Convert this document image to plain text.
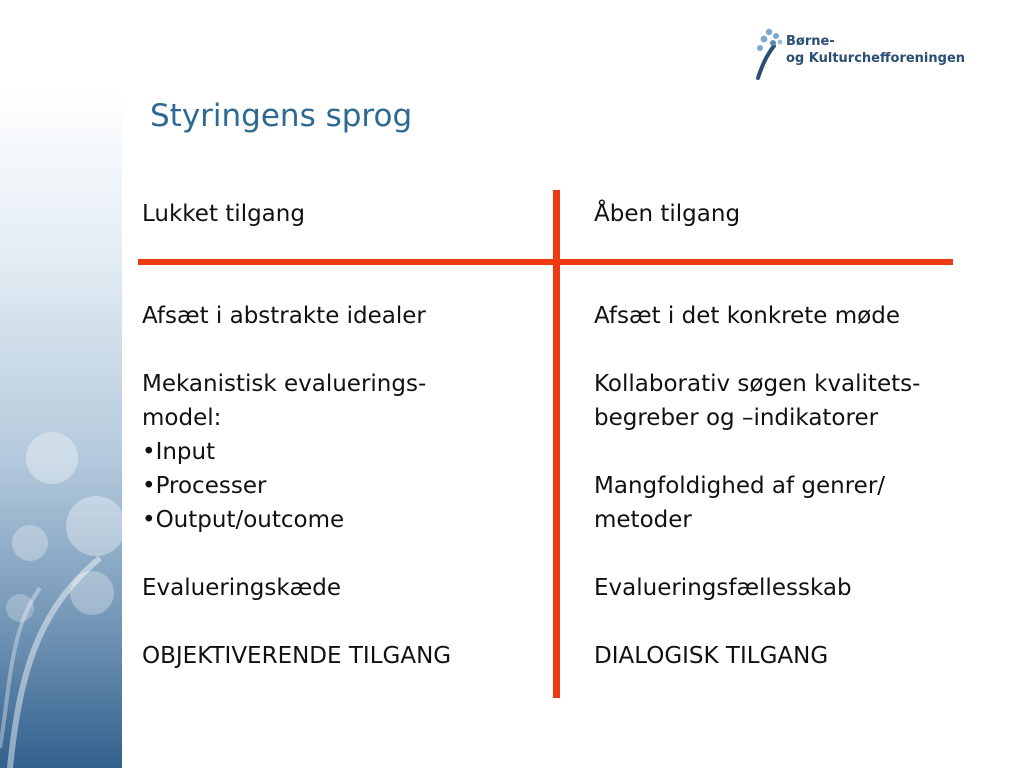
Børne-
og Kulturchefforeningen
Styringens sprog
Lukket tilgang	Åben tilgang
Afsæt i abstrakte idealer
Mekanistisk evaluerings-
model:
•Input
•Processer
•Output/outcome
Evalueringskæde
OBJEKTIVERENDE TILGANG
Afsæt i det konkrete møde
Kollaborativ søgen kvalitets-
begreber og –indikatorer
Mangfoldighed af genrer/
metoder
Evalueringsfællesskab
DIALOGISK TILGANG
